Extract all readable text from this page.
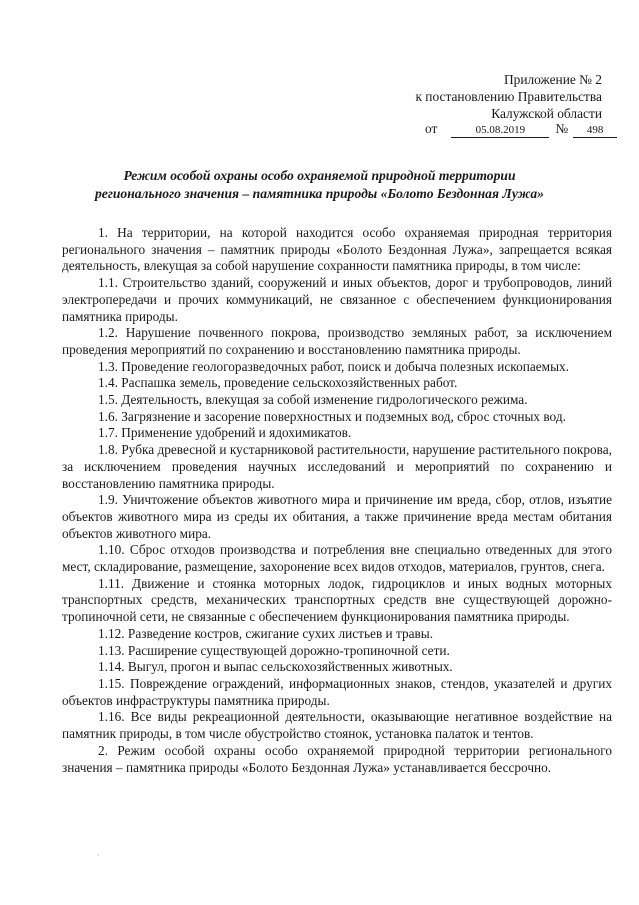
Приложение № 2
к постановлению Правительства
Калужской области
от	05.08.2019 № 498
Режим особой охраны особо охраняемой природной территории
регионального значения – памятника природы «Болото Бездонная Лужа»

1. На территории, на которой находится особо охраняемая природная территория регионального значения – памятник природы «Болото Бездонная Лужа», запрещается всякая деятельность, влекущая за собой нарушение сохранности памятника природы, в том числе:

1.1. Строительство зданий, сооружений и иных объектов, дорог и трубопроводов, линий электропередачи и прочих коммуникаций, не связанное с обеспечением функционирования памятника природы.

1.2. Нарушение почвенного покрова, производство земляных работ, за исключением проведения мероприятий по сохранению и восстановлению памятника природы.

1.3. Проведение геологоразведочных работ, поиск и добыча полезных ископаемых.

1.4. Распашка земель, проведение сельскохозяйственных работ.

1.5. Деятельность, влекущая за собой изменение гидрологического режима.

1.6. Загрязнение и засорение поверхностных и подземных вод, сброс сточных вод.

1.7. Применение удобрений и ядохимикатов.

1.8. Рубка древесной и кустарниковой растительности, нарушение растительного покрова, за исключением проведения научных исследований и мероприятий по сохранению и восстановлению памятника природы.

1.9. Уничтожение объектов животного мира и причинение им вреда, сбор, отлов, изъятие объектов животного мира из среды их обитания, а также причинение вреда местам обитания объектов животного мира.

1.10. Сброс отходов производства и потребления вне специально отведенных для этого мест, складирование, размещение, захоронение всех видов отходов, материалов, грунтов, снега.

1.11. Движение и стоянка моторных лодок, гидроциклов и иных водных моторных транспортных средств, механических транспортных средств вне существующей дорожно-тропиночной сети, не связанные с обеспечением функционирования памятника природы.

1.12. Разведение костров, сжигание сухих листьев и травы.

1.13. Расширение существующей дорожно-тропиночной сети.

1.14. Выгул, прогон и выпас сельскохозяйственных животных.

1.15. Повреждение ограждений, информационных знаков, стендов, указателей и других объектов инфраструктуры памятника природы.

1.16. Все виды рекреационной деятельности, оказывающие негативное воздействие на памятник природы, в том числе обустройство стоянок, установка палаток и тентов.

2. Режим особой охраны особо охраняемой природной территории регионального значения – памятника природы «Болото Бездонная Лужа» устанавливается бессрочно.
